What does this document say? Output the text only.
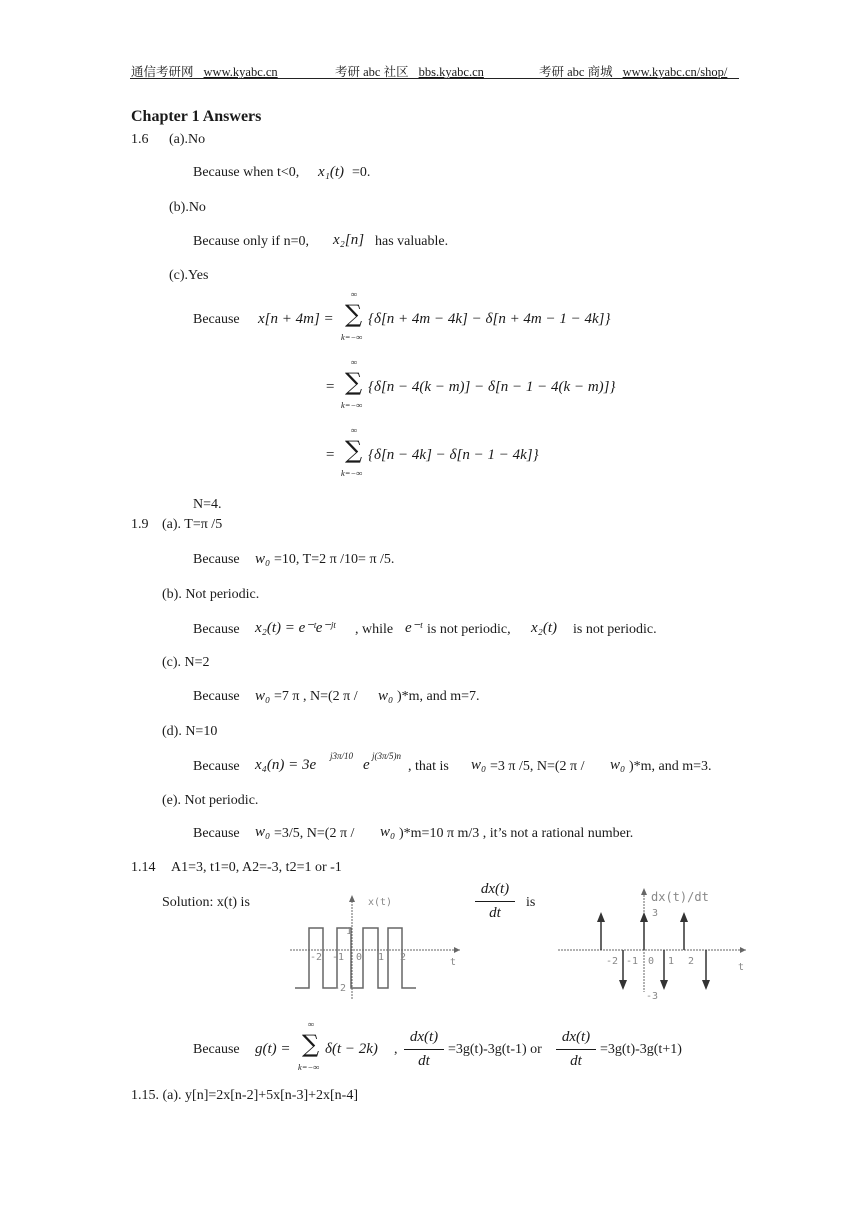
通信考研网 www.kyabc.cn	考研 abc 社区 bbs.kyabc.cn	考研 abc 商城 www.kyabc.cn/shop/
Chapter 1 Answers
1.6 (a).No
Because when t<0, x₁(t) =0.
(b).No
Because only if n=0, x₂[n] has valuable.
(c).Yes
Because x[n + 4m] =
∞
∑
k=−∞
{δ[n + 4m − 4k] − δ[n + 4m − 1 − 4k]}
=
∞
∑
k=−∞
{δ[n − 4(k − m)] − δ[n − 1 − 4(k − m)]}
=
∞
∑
k=−∞
{δ[n − 4k] − δ[n − 1 − 4k]}
N=4.
1.9 (a). T=π /5
Because w₀ =10, T=2 π /10= π /5.
(b). Not periodic.
Because x₂(t) = e⁻ᵗe⁻ʲᵗ , while e⁻ᵗ is not periodic, x₂(t) is not periodic.
(c). N=2
Because w₀ =7 π , N=(2 π / w₀ )*m, and m=7.
(d). N=10
Because x₄(n) = 3e
j3π/10
e
j(3π/5)n
, that is w₀ =3 π /5, N=(2 π / w₀ )*m, and m=3.
(e). Not periodic.
Because w₀ =3/5, N=(2 π / w₀ )*m=10 π m/3 , it’s not a rational number.
1.14 A1=3, t1=0, A2=-3, t2=1 or -1
Solution: x(t) is
dx(t)
dt
is
x(t)
t
1
-2
-2 -1 0 1 2
dx(t)/dt
t
3
-3
-2 -1 0 1 2
Because g(t) =
∞
∑
k=−∞
δ(t − 2k) ,
dx(t)
dt
=3g(t)-3g(t-1) or
dx(t)
dt
=3g(t)-3g(t+1)
1.15. (a). y[n]=2x[n-2]+5x[n-3]+2x[n-4]
